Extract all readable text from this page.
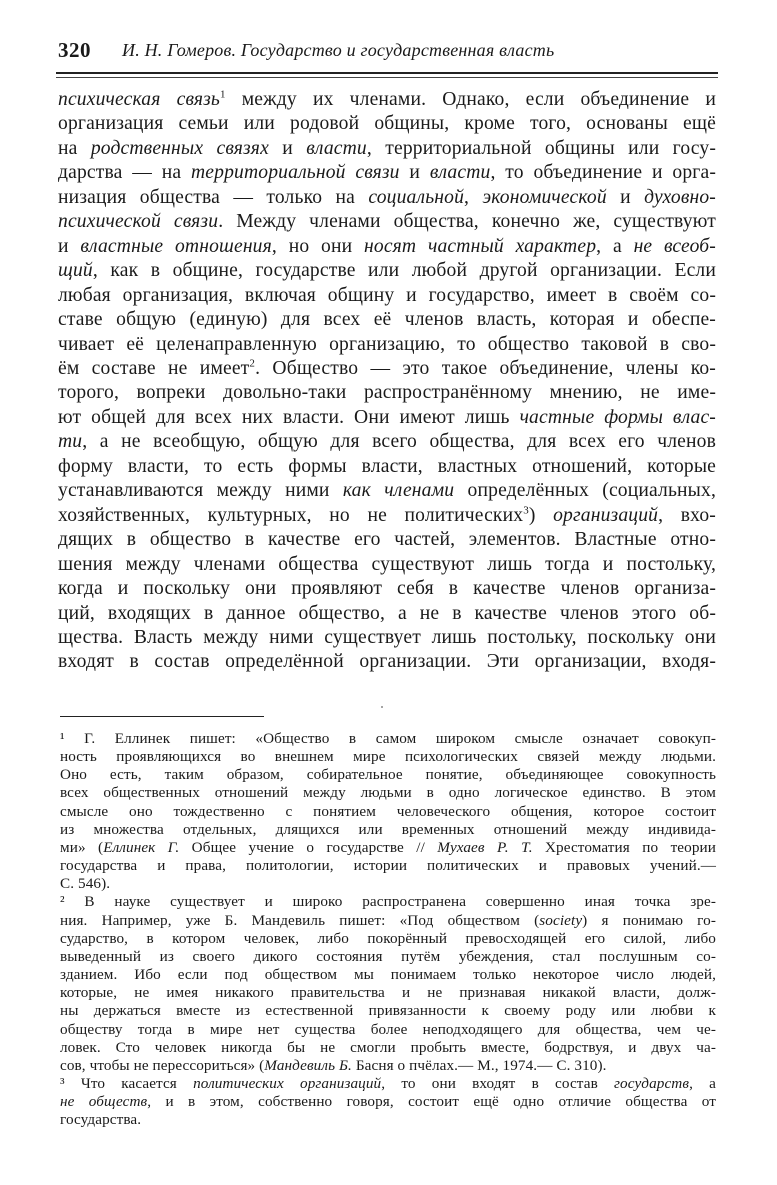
320 И. Н. Гомеров. Государство и государственная власть
психическая связь$^1$ между их членами. Однако, если объединение и
организация семьи или родовой общины, кроме того, основаны ещё
на родственных связях и власти, территориальной общины или госу-
дарства — на территориальной связи и власти, то объединение и орга-
низация общества — только на социальной, экономической и духовно-
психической связи. Между членами общества, конечно же, существуют
и властные отношения, но они носят частный характер, а не всеоб-
щий, как в общине, государстве или любой другой организации. Если
любая организация, включая общину и государство, имеет в своём со-
ставе общую (единую) для всех её членов власть, которая и обеспе-
чивает её целенаправленную организацию, то общество таковой в сво-
ём составе не имеет$^2$. Общество — это такое объединение, члены ко-
торого, вопреки довольно-таки распространённому мнению, не име-
ют общей для всех них власти. Они имеют лишь частные формы влас-
ти, а не всеобщую, общую для всего общества, для всех его членов
форму власти, то есть формы власти, властных отношений, которые
устанавливаются между ними как членами определённых (социальных,
хозяйственных, культурных, но не политических$^3$) организаций, вхо-
дящих в общество в качестве его частей, элементов. Властные отно-
шения между членами общества существуют лишь тогда и постольку,
когда и поскольку они проявляют себя в качестве членов организа-
ций, входящих в данное общество, а не в качестве членов этого об-
щества. Власть между ними существует лишь постольку, поскольку они
входят в состав определённой организации. Эти организации, входя-
¹ Г. Еллинек пишет: «Общество в самом широком смысле означает совокуп-
ность проявляющихся во внешнем мире психологических связей между людьми.
Оно есть, таким образом, собирательное понятие, объединяющее совокупность
всех общественных отношений между людьми в одно логическое единство. В этом
смысле оно тождественно с понятием человеческого общения, которое состоит
из множества отдельных, длящихся или временных отношений между индивида-
ми» (Еллинек Г. Общее учение о государстве // Мухаев Р. Т. Хрестоматия по теории
государства и права, политологии, истории политических и правовых учений.—
С. 546).
² В науке существует и широко распространена совершенно иная точка зре-
ния. Например, уже Б. Мандевиль пишет: «Под обществом (society) я понимаю го-
сударство, в котором человек, либо покорённый превосходящей его силой, либо
выведенный из своего дикого состояния путём убеждения, стал послушным со-
зданием. Ибо если под обществом мы понимаем только некоторое число людей,
которые, не имея никакого правительства и не признавая никакой власти, долж-
ны держаться вместе из естественной привязанности к своему роду или любви к
обществу тогда в мире нет существа более неподходящего для общества, чем че-
ловек. Сто человек никогда бы не смогли пробыть вместе, бодрствуя, и двух ча-
сов, чтобы не перессориться» (Мандевиль Б. Басня о пчёлах.— М., 1974.— С. 310).
³ Что касается политических организаций, то они входят в состав государств, а
не обществ, и в этом, собственно говоря, состоит ещё одно отличие общества от
государства.
